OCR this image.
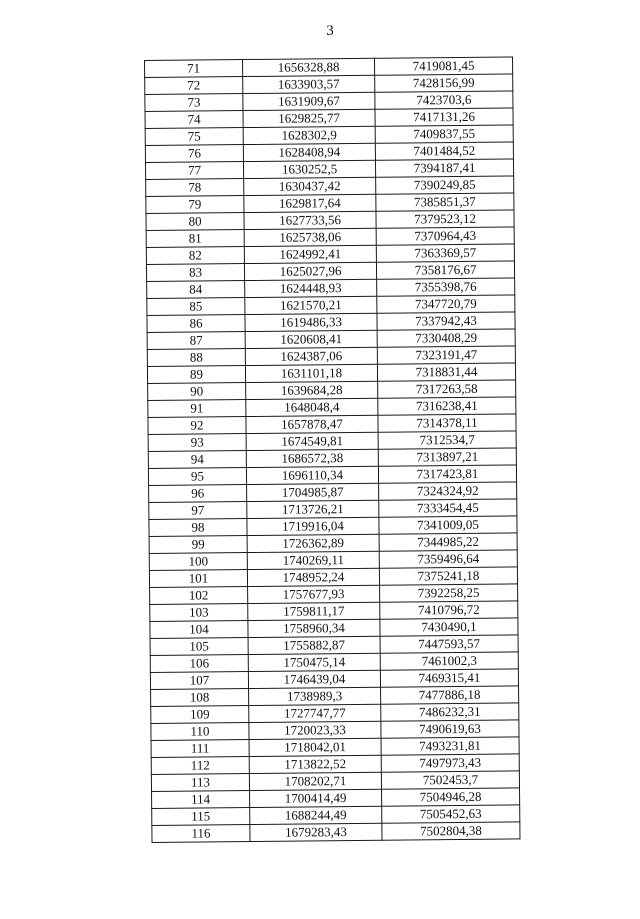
3
71	1656328,88	7419081,45
72	1633903,57	7428156,99
73	1631909,67	7423703,6
74	1629825,77	7417131,26
75	1628302,9	7409837,55
76	1628408,94	7401484,52
77	1630252,5	7394187,41
78	1630437,42	7390249,85
79	1629817,64	7385851,37
80	1627733,56	7379523,12
81	1625738,06	7370964,43
82	1624992,41	7363369,57
83	1625027,96	7358176,67
84	1624448,93	7355398,76
85	1621570,21	7347720,79
86	1619486,33	7337942,43
87	1620608,41	7330408,29
88	1624387,06	7323191,47
89	1631101,18	7318831,44
90	1639684,28	7317263,58
91	1648048,4	7316238,41
92	1657878,47	7314378,11
93	1674549,81	7312534,7
94	1686572,38	7313897,21
95	1696110,34	7317423,81
96	1704985,87	7324324,92
97	1713726,21	7333454,45
98	1719916,04	7341009,05
99	1726362,89	7344985,22
100	1740269,11	7359496,64
101	1748952,24	7375241,18
102	1757677,93	7392258,25
103	1759811,17	7410796,72
104	1758960,34	7430490,1
105	1755882,87	7447593,57
106	1750475,14	7461002,3
107	1746439,04	7469315,41
108	1738989,3	7477886,18
109	1727747,77	7486232,31
110	1720023,33	7490619,63
111	1718042,01	7493231,81
112	1713822,52	7497973,43
113	1708202,71	7502453,7
114	1700414,49	7504946,28
115	1688244,49	7505452,63
116	1679283,43	7502804,38
